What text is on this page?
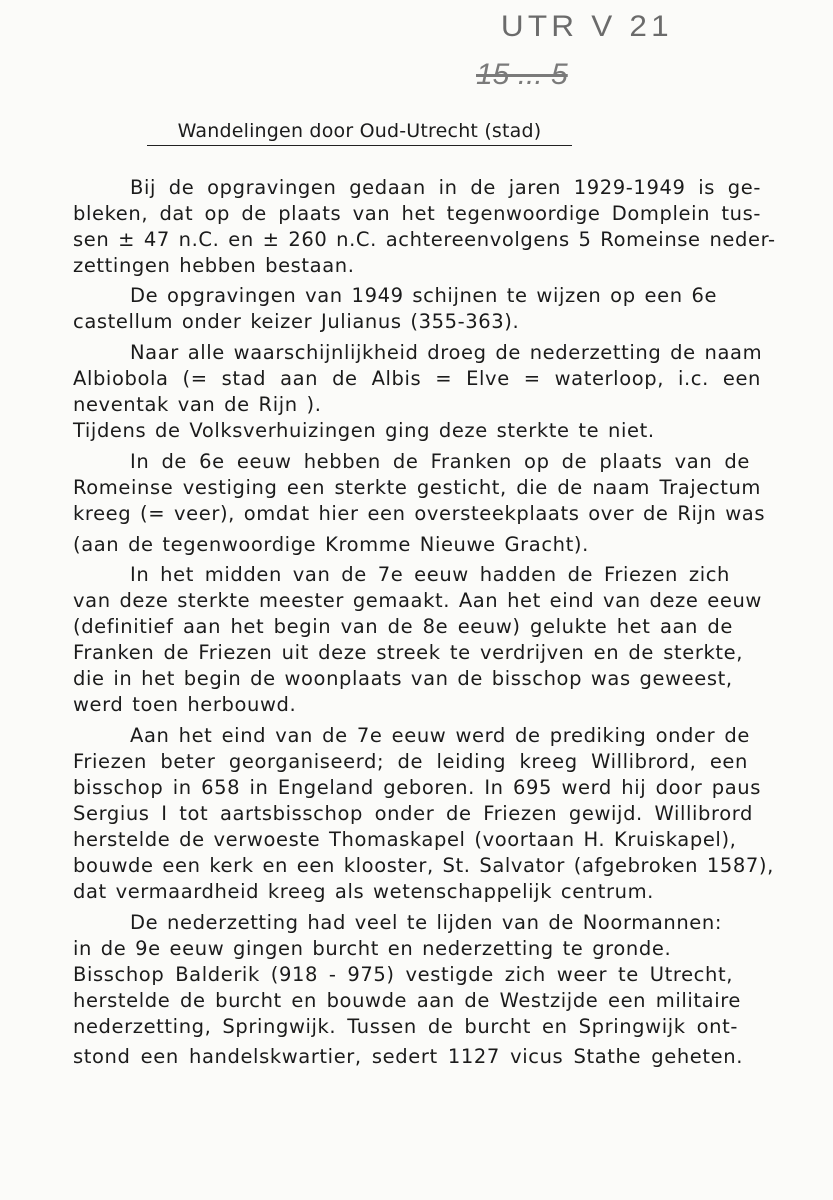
UTR V 21
15 ... 5
Wandelingen door Oud-Utrecht (stad)
Bij de opgravingen gedaan in de jaren 1929-1949 is ge-
bleken, dat op de plaats van het tegenwoordige Domplein tus-
sen ± 47 n.C. en ± 260 n.C. achtereenvolgens 5 Romeinse neder-
zettingen hebben bestaan.
De opgravingen van 1949 schijnen te wijzen op een 6e
castellum onder keizer Julianus (355-363).
Naar alle waarschijnlijkheid droeg de nederzetting de naam
Albiobola (= stad aan de Albis = Elve = waterloop, i.c. een
neventak van de Rijn ).
Tijdens de Volksverhuizingen ging deze sterkte te niet.
In de 6e eeuw hebben de Franken op de plaats van de
Romeinse vestiging een sterkte gesticht, die de naam Trajectum
kreeg (= veer), omdat hier een oversteekplaats over de Rijn was
(aan de tegenwoordige Kromme Nieuwe Gracht).
In het midden van de 7e eeuw hadden de Friezen zich
van deze sterkte meester gemaakt. Aan het eind van deze eeuw
(definitief aan het begin van de 8e eeuw) gelukte het aan de
Franken de Friezen uit deze streek te verdrijven en de sterkte,
die in het begin de woonplaats van de bisschop was geweest,
werd toen herbouwd.
Aan het eind van de 7e eeuw werd de prediking onder de
Friezen beter georganiseerd; de leiding kreeg Willibrord, een
bisschop in 658 in Engeland geboren. In 695 werd hij door paus
Sergius I tot aartsbisschop onder de Friezen gewijd. Willibrord
herstelde de verwoeste Thomaskapel (voortaan H. Kruiskapel),
bouwde een kerk en een klooster, St. Salvator (afgebroken 1587),
dat vermaardheid kreeg als wetenschappelijk centrum.
De nederzetting had veel te lijden van de Noormannen:
in de 9e eeuw gingen burcht en nederzetting te gronde.
Bisschop Balderik (918 - 975) vestigde zich weer te Utrecht,
herstelde de burcht en bouwde aan de Westzijde een militaire
nederzetting, Springwijk. Tussen de burcht en Springwijk ont-
stond een handelskwartier, sedert 1127 vicus Stathe geheten.
